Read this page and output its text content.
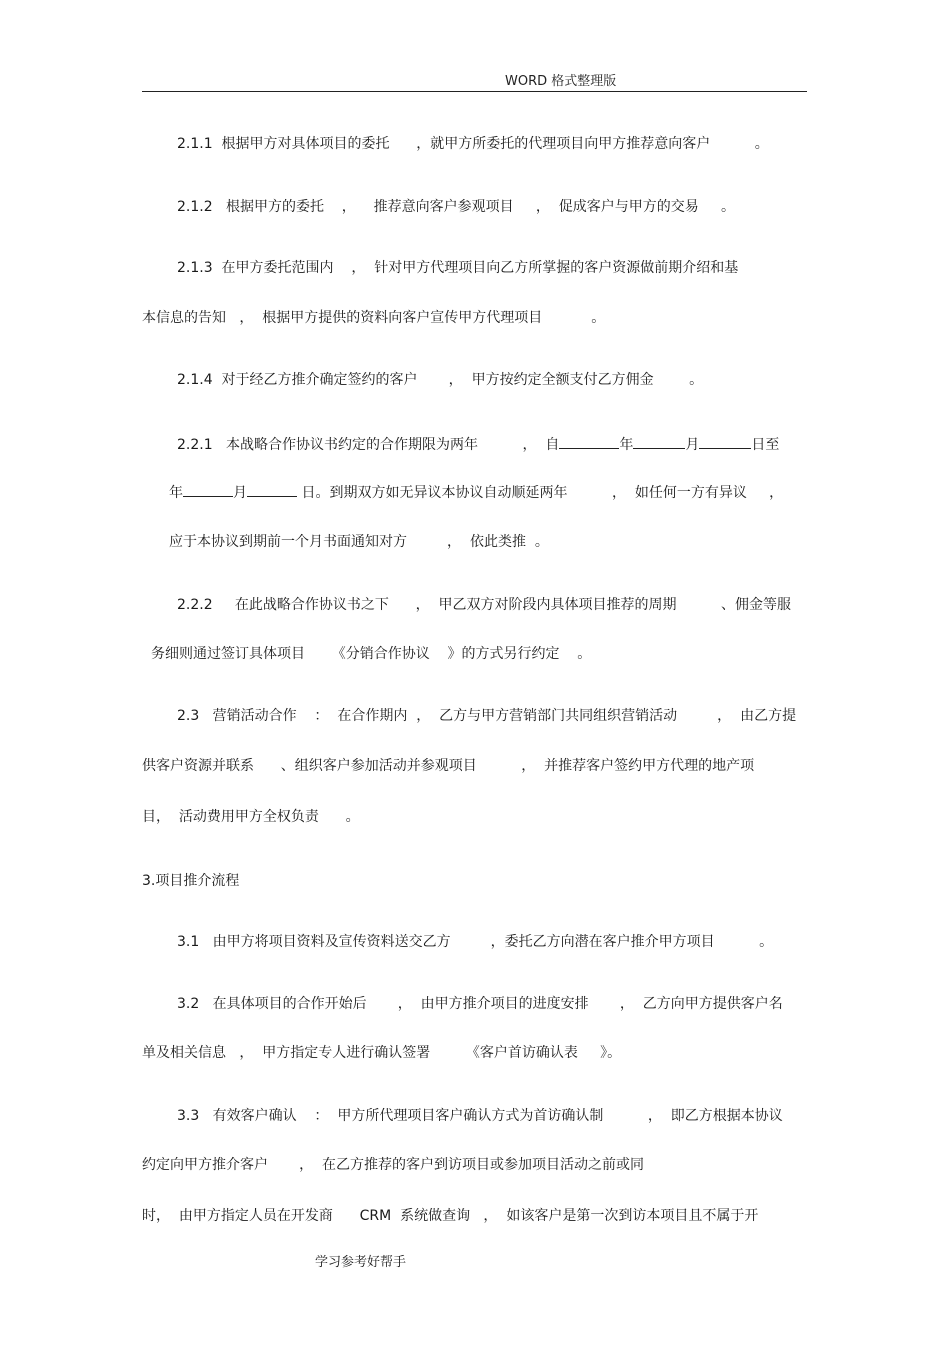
WORD 格式整理版
2.1.1  根据甲方对具体项目的委托      ，就甲方所委托的代理项目向甲方推荐意向客户          。
2.1.2   根据甲方的委托    ，    推荐意向客户参观项目     ，  促成客户与甲方的交易     。
2.1.3  在甲方委托范围内    ，  针对甲方代理项目向乙方所掌握的客户资源做前期介绍和基
本信息的告知   ，  根据甲方提供的资料向客户宣传甲方代理项目           。
2.1.4  对于经乙方推介确定签约的客户       ，  甲方按约定全额支付乙方佣金        。
2.2.1   本战略合作协议书约定的合作期限为两年          ，  自	年	月	日至
年	月	日。到期双方如无异议本协议自动顺延两年          ，  如任何一方有异议     ，
应于本协议到期前一个月书面通知对方         ，  依此类推  。
2.2.2     在此战略合作协议书之下      ，  甲乙双方对阶段内具体项目推荐的周期          、佣金等服
务细则通过签订具体项目      《分销合作协议    》的方式另行约定    。
2.3   营销活动合作    ：  在合作期内  ，  乙方与甲方营销部门共同组织营销活动         ，  由乙方提
供客户资源并联系      、组织客户参加活动并参观项目          ，  并推荐客户签约甲方代理的地产项
目，  活动费用甲方全权负责      。
3.项目推介流程
3.1   由甲方将项目资料及宣传资料送交乙方         ，委托乙方向潜在客户推介甲方项目          。
3.2   在具体项目的合作开始后       ，  由甲方推介项目的进度安排       ，  乙方向甲方提供客户名
单及相关信息   ，  甲方指定专人进行确认签署        《客户首访确认表     》。
3.3   有效客户确认    ：  甲方所代理项目客户确认方式为首访确认制          ，  即乙方根据本协议
约定向甲方推介客户       ，  在乙方推荐的客户到访项目或参加项目活动之前或同
时，  由甲方指定人员在开发商      CRM  系统做查询   ，  如该客户是第一次到访本项目且不属于开
学习参考好帮手
